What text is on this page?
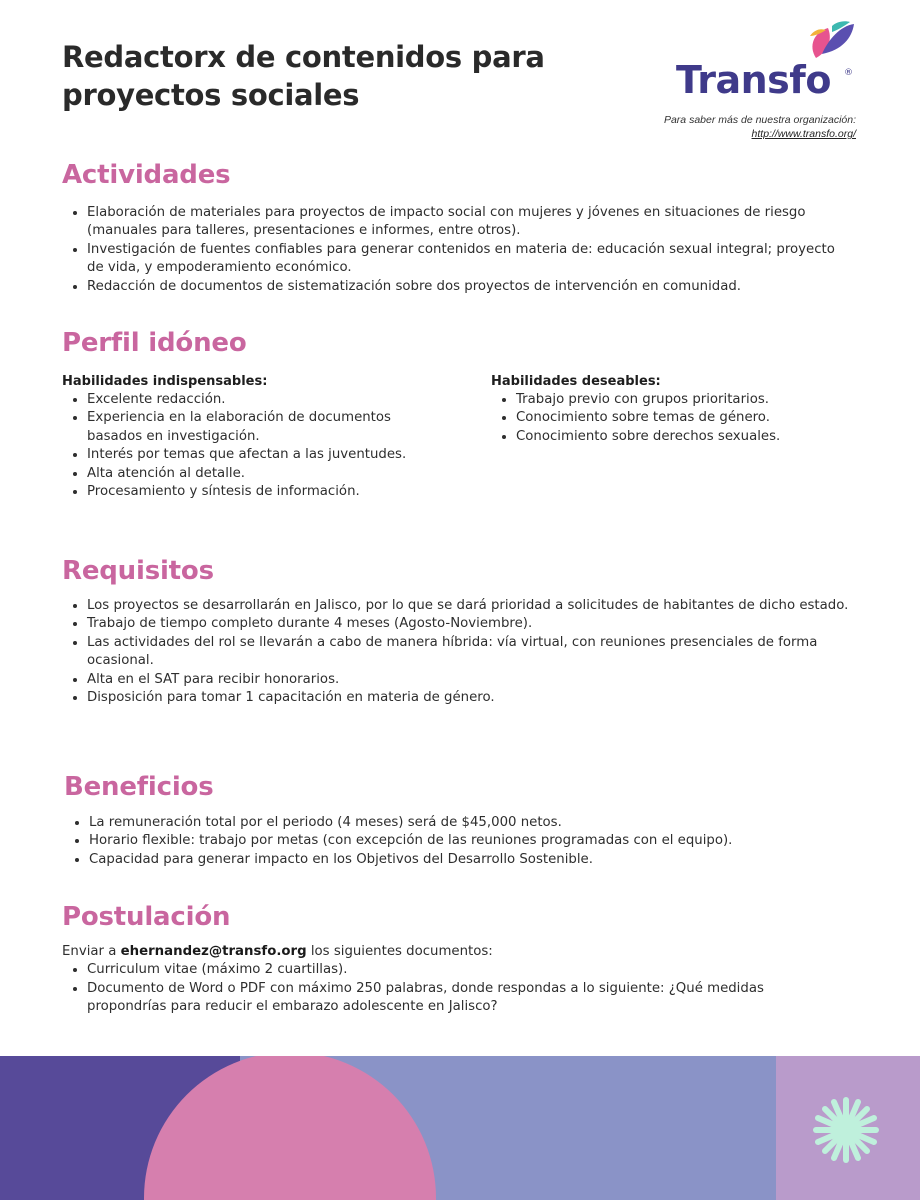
Redactorx de contenidos para
proyectos sociales	Transfo ®
Para saber más de nuestra organización:
http://www.transfo.org/
Actividades
• Elaboración de materiales para proyectos de impacto social con mujeres y jóvenes en situaciones de riesgo (manuales para talleres, presentaciones e informes, entre otros).
• Investigación de fuentes confiables para generar contenidos en materia de: educación sexual integral; proyecto de vida, y empoderamiento económico.
• Redacción de documentos de sistematización sobre dos proyectos de intervención en comunidad.
Perfil idóneo
Habilidades indispensables:
• Excelente redacción.
• Experiencia en la elaboración de documentos basados en investigación.
• Interés por temas que afectan a las juventudes.
• Alta atención al detalle.
• Procesamiento y síntesis de información.
Habilidades deseables:
• Trabajo previo con grupos prioritarios.
• Conocimiento sobre temas de género.
• Conocimiento sobre derechos sexuales.
Requisitos
• Los proyectos se desarrollarán en Jalisco, por lo que se dará prioridad a solicitudes de habitantes de dicho estado.
• Trabajo de tiempo completo durante 4 meses (Agosto-Noviembre).
• Las actividades del rol se llevarán a cabo de manera híbrida: vía virtual, con reuniones presenciales de forma ocasional.
• Alta en el SAT para recibir honorarios.
• Disposición para tomar 1 capacitación en materia de género.
Beneficios
• La remuneración total por el periodo (4 meses) será de $45,000 netos.
• Horario flexible: trabajo por metas (con excepción de las reuniones programadas con el equipo).
• Capacidad para generar impacto en los Objetivos del Desarrollo Sostenible.
Postulación
Enviar a ehernandez@transfo.org los siguientes documentos:
• Curriculum vitae (máximo 2 cuartillas).
• Documento de Word o PDF con máximo 250 palabras, donde respondas a lo siguiente: ¿Qué medidas propondrías para reducir el embarazo adolescente en Jalisco?
